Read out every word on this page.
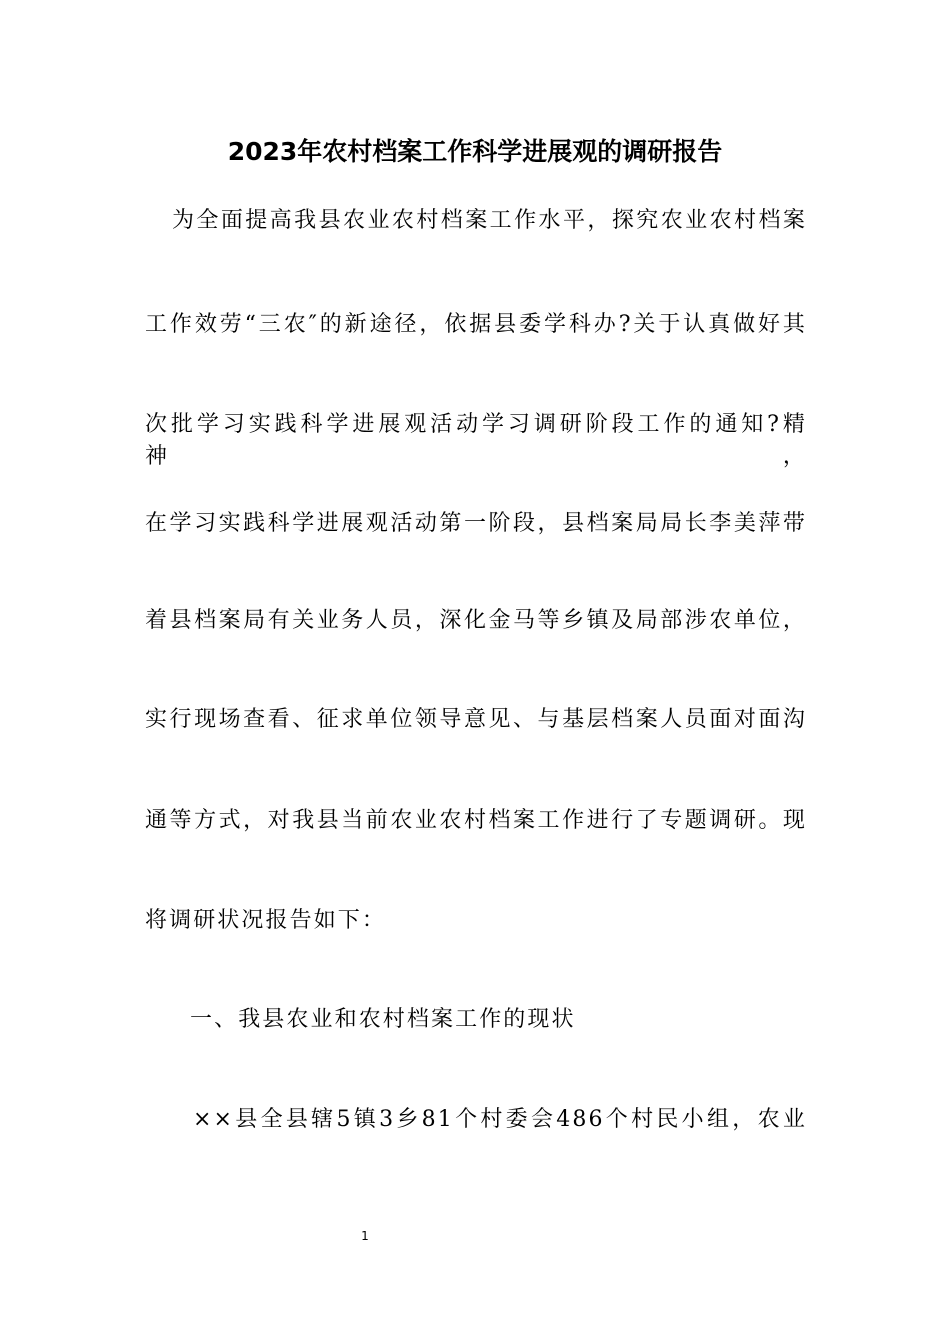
2023年农村档案工作科学进展观的调研报告
为全面提高我县农业农村档案工作水平，探究农业农村档案
工作效劳“三农″的新途径，依据县委学科办?关于认真做好其
次批学习实践科学进展观活动学习调研阶段工作的通知?精神，
在学习实践科学进展观活动第一阶段，县档案局局长李美萍带
着县档案局有关业务人员，深化金马等乡镇及局部涉农单位，
实行现场查看、征求单位领导意见、与基层档案人员面对面沟
通等方式，对我县当前农业农村档案工作进行了专题调研。现
将调研状况报告如下：
一、我县农业和农村档案工作的现状
××县全县辖5镇3乡81个村委会486个村民小组，农业
1
